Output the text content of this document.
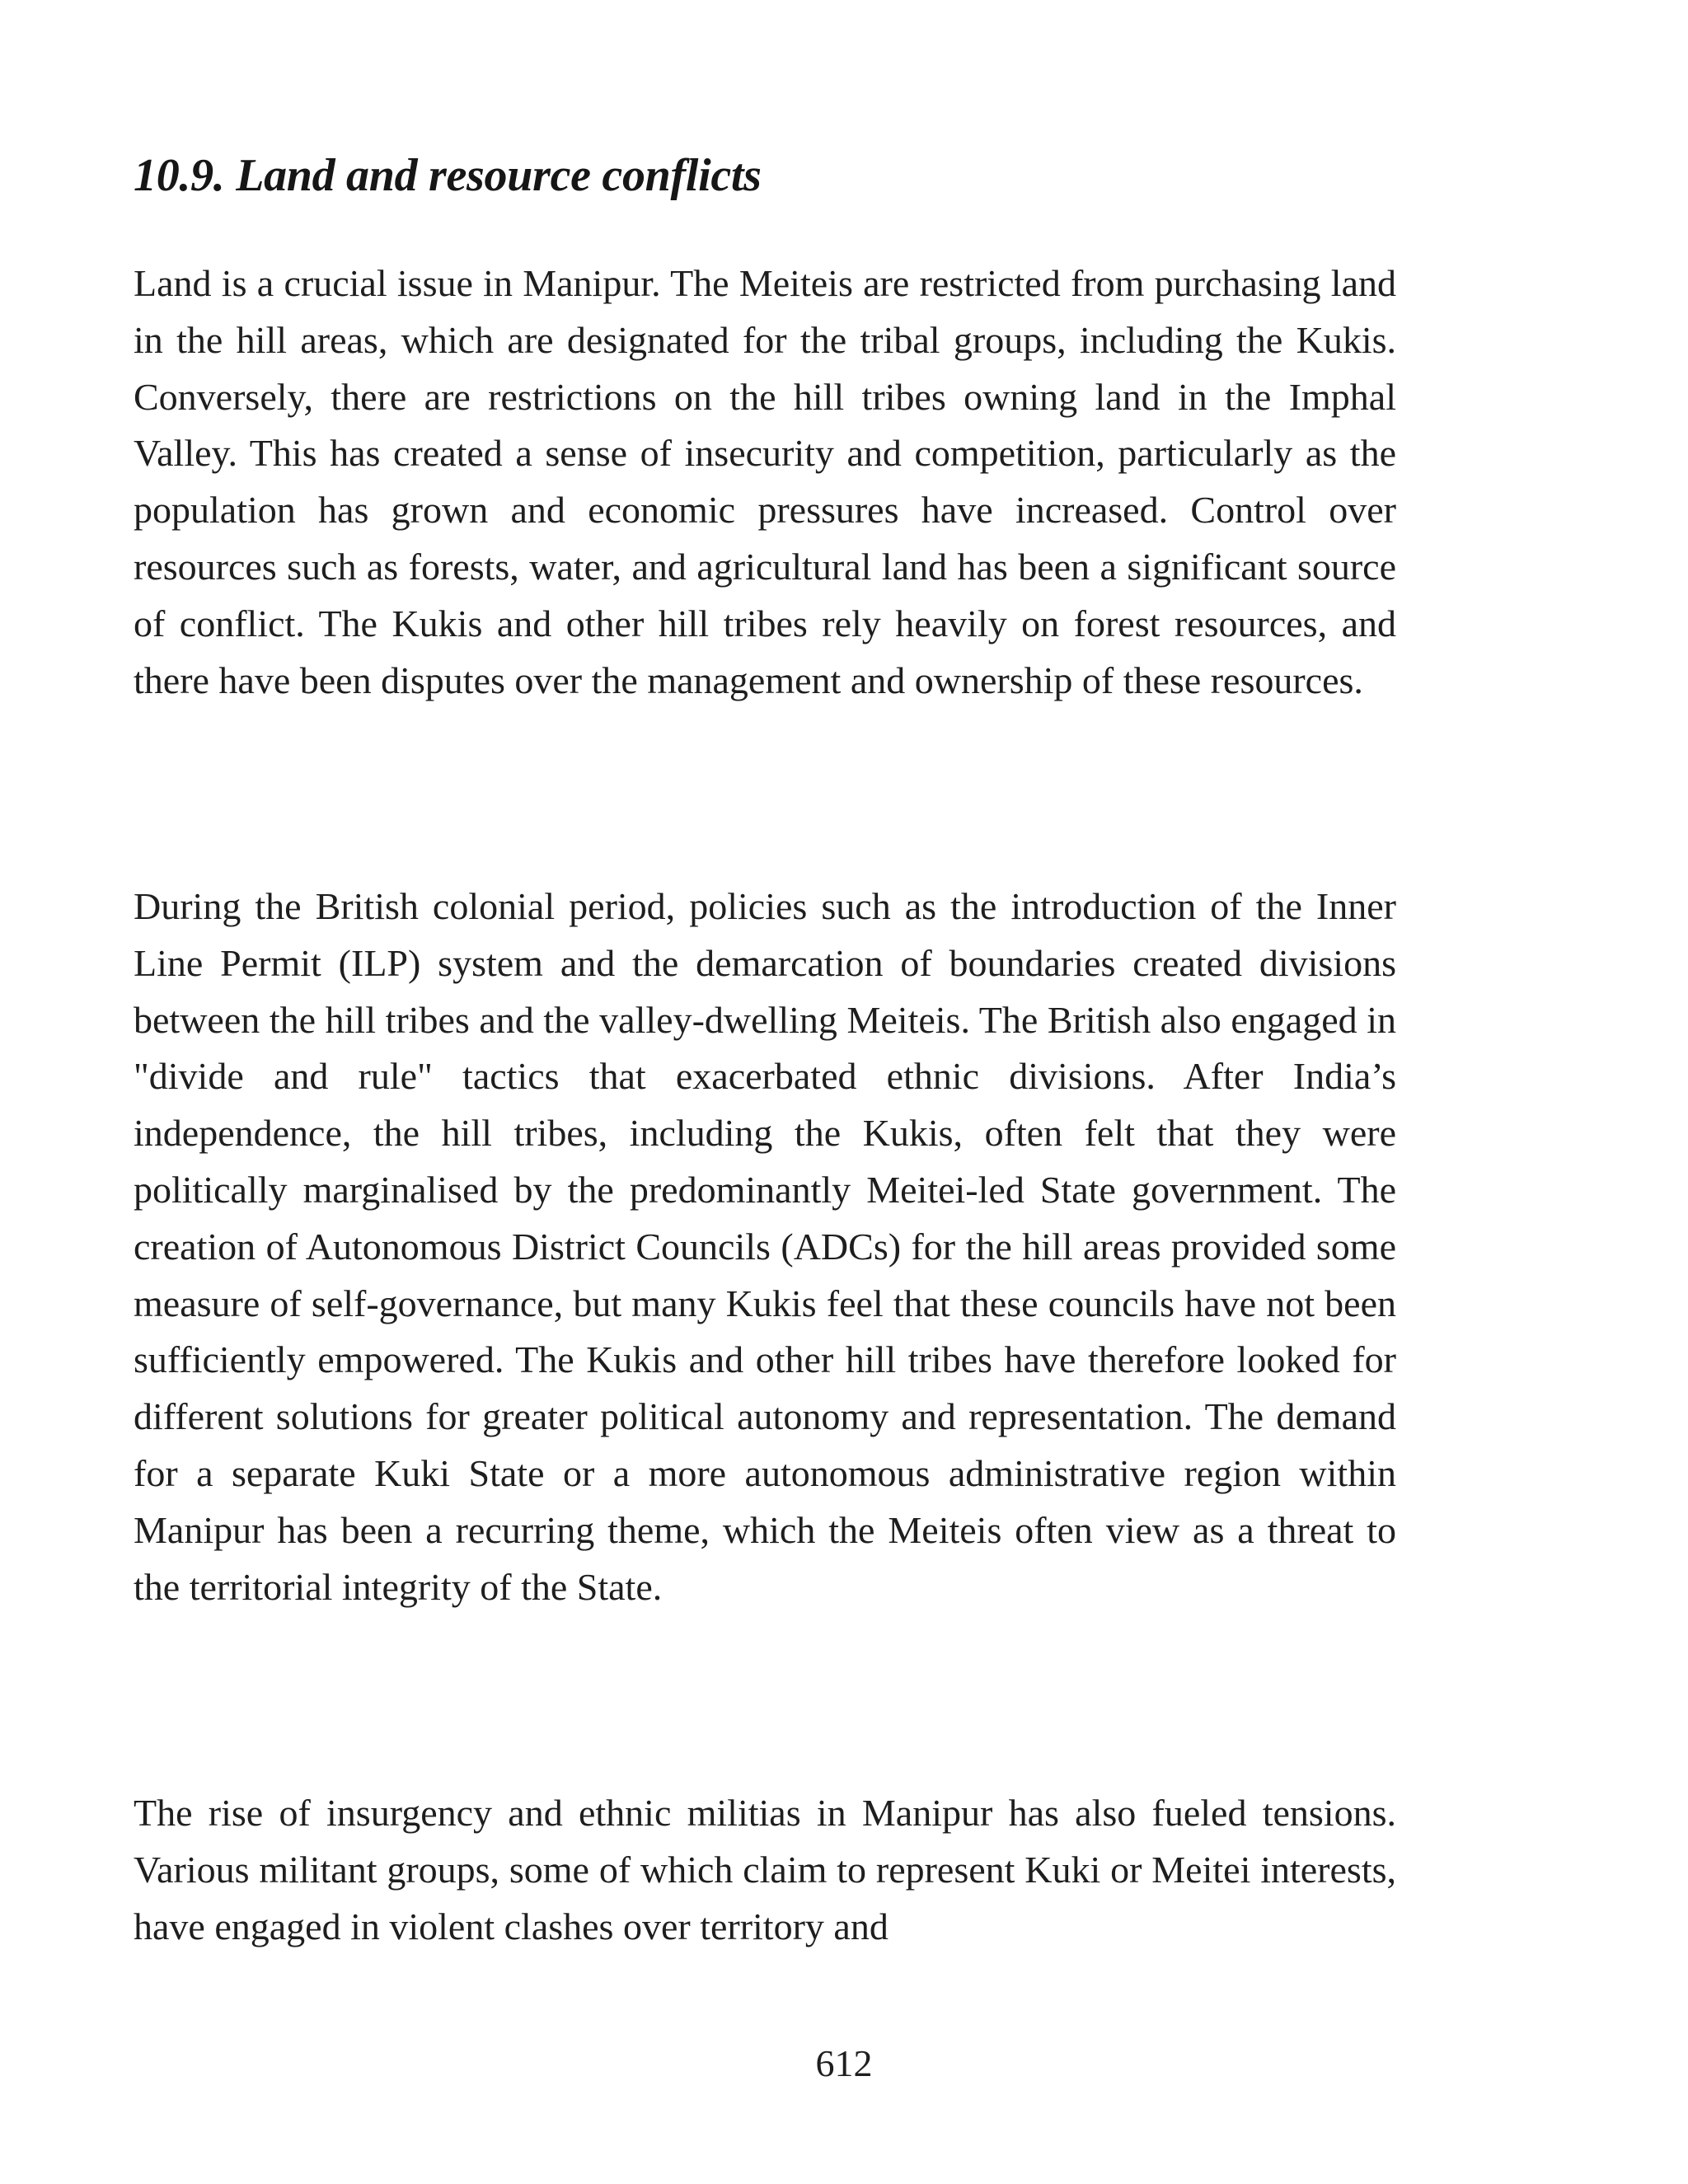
10.9. Land and resource conflicts

Land is a crucial issue in Manipur. The Meiteis are restricted from purchasing land in the hill areas, which are designated for the tribal groups, including the Kukis. Conversely, there are restrictions on the hill tribes owning land in the Imphal Valley. This has created a sense of insecurity and competition, particularly as the population has grown and economic pressures have increased. Control over resources such as forests, water, and agricultural land has been a significant source of conflict. The Kukis and other hill tribes rely heavily on forest resources, and there have been disputes over the management and ownership of these resources.

During the British colonial period, policies such as the introduction of the Inner Line Permit (ILP) system and the demarcation of boundaries created divisions between the hill tribes and the valley-dwelling Meiteis. The British also engaged in "divide and rule" tactics that exacerbated ethnic divisions. After India’s independence, the hill tribes, including the Kukis, often felt that they were politically marginalised by the predominantly Meitei-led State government. The creation of Autonomous District Councils (ADCs) for the hill areas provided some measure of self-governance, but many Kukis feel that these councils have not been sufficiently empowered. The Kukis and other hill tribes have therefore looked for different solutions for greater political autonomy and representation. The demand for a separate Kuki State or a more autonomous administrative region within Manipur has been a recurring theme, which the Meiteis often view as a threat to the territorial integrity of the State.

The rise of insurgency and ethnic militias in Manipur has also fueled tensions. Various militant groups, some of which claim to represent Kuki or Meitei interests, have engaged in violent clashes over territory and

612
